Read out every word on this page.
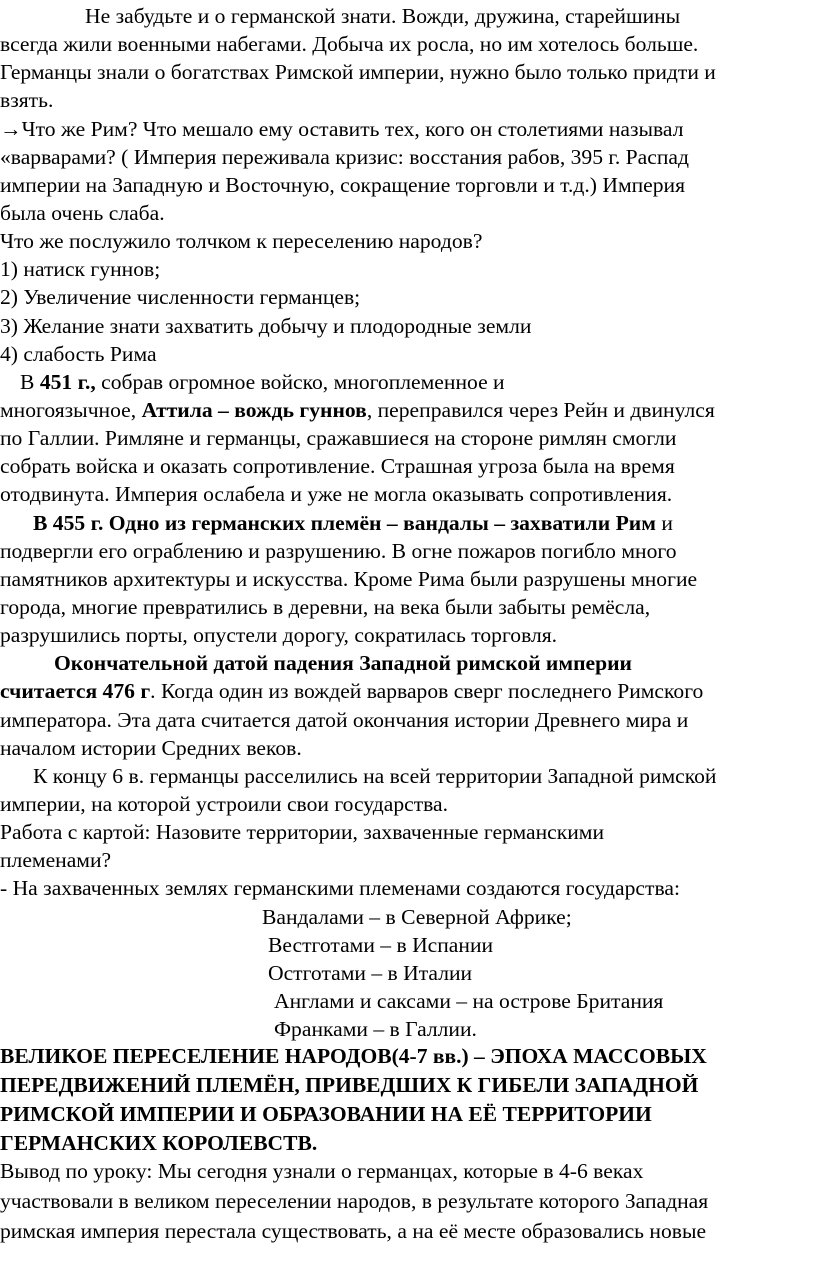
Не забудьте и о германской знати. Вожди, дружина, старейшины
всегда жили военными набегами. Добыча их росла, но им хотелось больше.
Германцы знали о богатствах Римской империи, нужно было только придти и
взять.
→Что же Рим? Что мешало ему оставить тех, кого он столетиями называл
«варварами? ( Империя переживала кризис: восстания рабов, 395 г. Распад
империи на Западную и Восточную, сокращение торговли и т.д.) Империя
была очень слаба.
Что же послужило толчком к переселению народов?
1) натиск гуннов;
2) Увеличение численности германцев;
3) Желание знати захватить добычу и плодородные земли
4) слабость Рима
В 451 г., собрав огромное войско, многоплеменное и
многоязычное, Аттила – вождь гуннов, переправился через Рейн и двинулся
по Галлии. Римляне и германцы, сражавшиеся на стороне римлян смогли
собрать войска и оказать сопротивление. Страшная угроза была на время
отодвинута. Империя ослабела и уже не могла оказывать сопротивления.
В 455 г. Одно из германских племён – вандалы – захватили Рим и
подвергли его ограблению и разрушению. В огне пожаров погибло много
памятников архитектуры и искусства. Кроме Рима были разрушены многие
города, многие превратились в деревни, на века были забыты ремёсла,
разрушились порты, опустели дорогу, сократилась торговля.
Окончательной датой падения Западной римской империи
считается 476 г. Когда один из вождей варваров сверг последнего Римского
императора. Эта дата считается датой окончания истории Древнего мира и
началом истории Средних веков.
К концу 6 в. германцы расселились на всей территории Западной римской
империи, на которой устроили свои государства.
Работа с картой: Назовите территории, захваченные германскими
племенами?
- На захваченных землях германскими племенами создаются государства:
Вандалами – в Северной Африке;
Вестготами – в Испании
Остготами – в Италии
Англами и саксами – на острове Британия
Франками – в Галлии.
ВЕЛИКОЕ ПЕРЕСЕЛЕНИЕ НАРОДОВ(4-7 вв.) – ЭПОХА МАССОВЫХ
ПЕРЕДВИЖЕНИЙ ПЛЕМЁН, ПРИВЕДШИХ К ГИБЕЛИ ЗАПАДНОЙ
РИМСКОЙ ИМПЕРИИ И ОБРАЗОВАНИИ НА ЕЁ ТЕРРИТОРИИ
ГЕРМАНСКИХ КОРОЛЕВСТВ.
Вывод по уроку: Мы сегодня узнали о германцах, которые в 4-6 веках
участвовали в великом переселении народов, в результате которого Западная
римская империя перестала существовать, а на её месте образовались новые
